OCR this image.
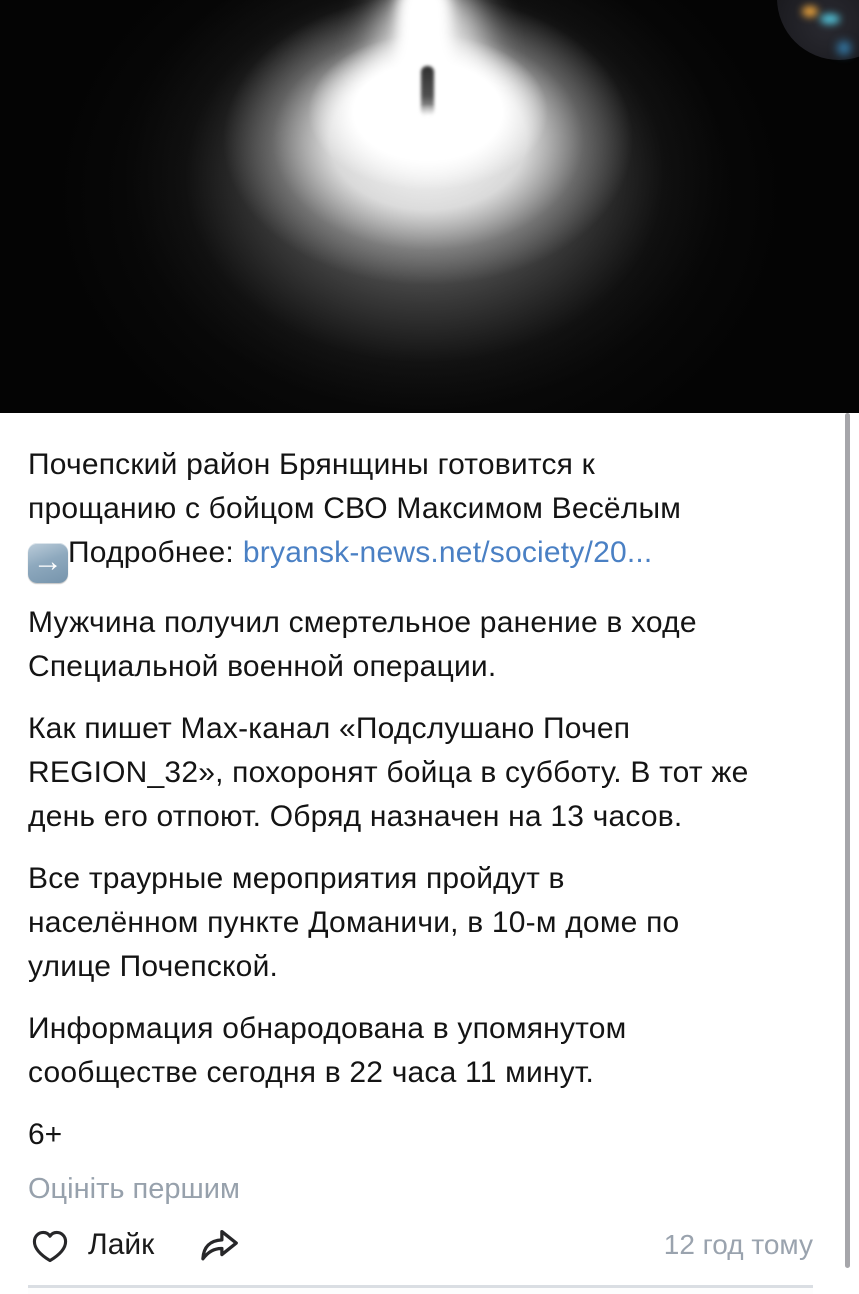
Почепский район Брянщины готовится к
прощанию с бойцом СВО Максимом Весёлым
→ Подробнее: bryansk-news.net/society/20...

Мужчина получил смертельное ранение в ходе
Специальной военной операции.

Как пишет Мах-канал «Подслушано Почеп
REGION_32», похоронят бойца в субботу. В тот же
день его отпоют. Обряд назначен на 13 часов.

Все траурные мероприятия пройдут в
населённом пункте Доманичи, в 10-м доме по
улице Почепской.

Информация обнародована в упомянутом
сообществе сегодня в 22 часа 11 минут.

6+

Оцініть першим

Лайк	12 год тому
